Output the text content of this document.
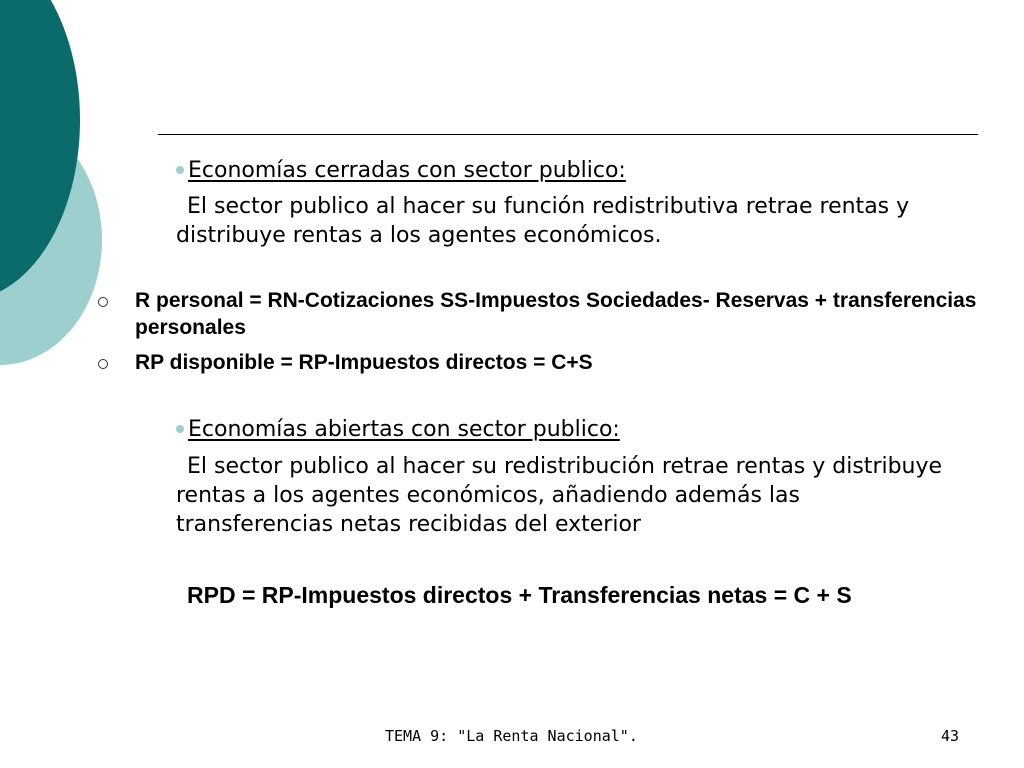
Economías cerradas con sector publico:
El sector publico al hacer su función redistributiva retrae rentas y distribuye rentas a los agentes económicos.
R personal = RN-Cotizaciones SS-Impuestos Sociedades- Reservas + transferencias personales
RP disponible = RP-Impuestos directos = C+S
Economías abiertas con sector publico:
El sector publico al hacer su redistribución retrae rentas y distribuye rentas a los agentes económicos, añadiendo además las transferencias netas recibidas del exterior
RPD = RP-Impuestos directos + Transferencias netas = C + S
TEMA 9: "La Renta Nacional".	43
